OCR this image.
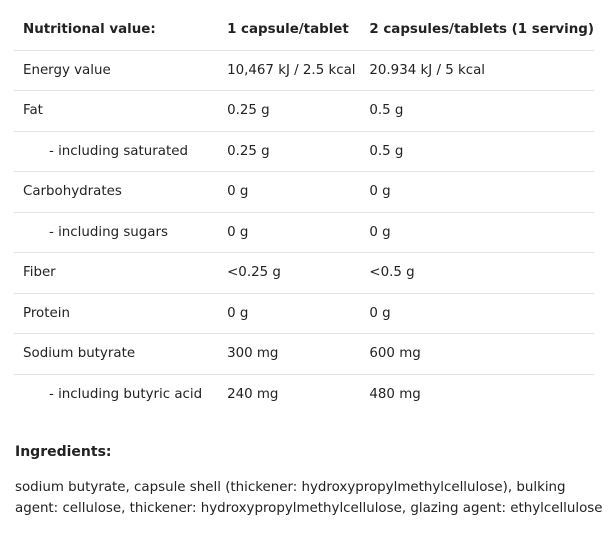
Nutritional value:	1 capsule/tablet	2 capsules/tablets (1 serving)
Energy value	10,467 kJ / 2.5 kcal	20.934 kJ / 5 kcal
Fat	0.25 g	0.5 g
- including saturated	0.25 g	0.5 g
Carbohydrates	0 g	0 g
- including sugars	0 g	0 g
Fiber	<0.25 g	<0.5 g
Protein	0 g	0 g
Sodium butyrate	300 mg	600 mg
- including butyric acid	240 mg	480 mg
Ingredients:

sodium butyrate, capsule shell (thickener: hydroxypropylmethylcellulose), bulking agent: cellulose, thickener: hydroxypropylmethylcellulose, glazing agent: ethylcellulose
